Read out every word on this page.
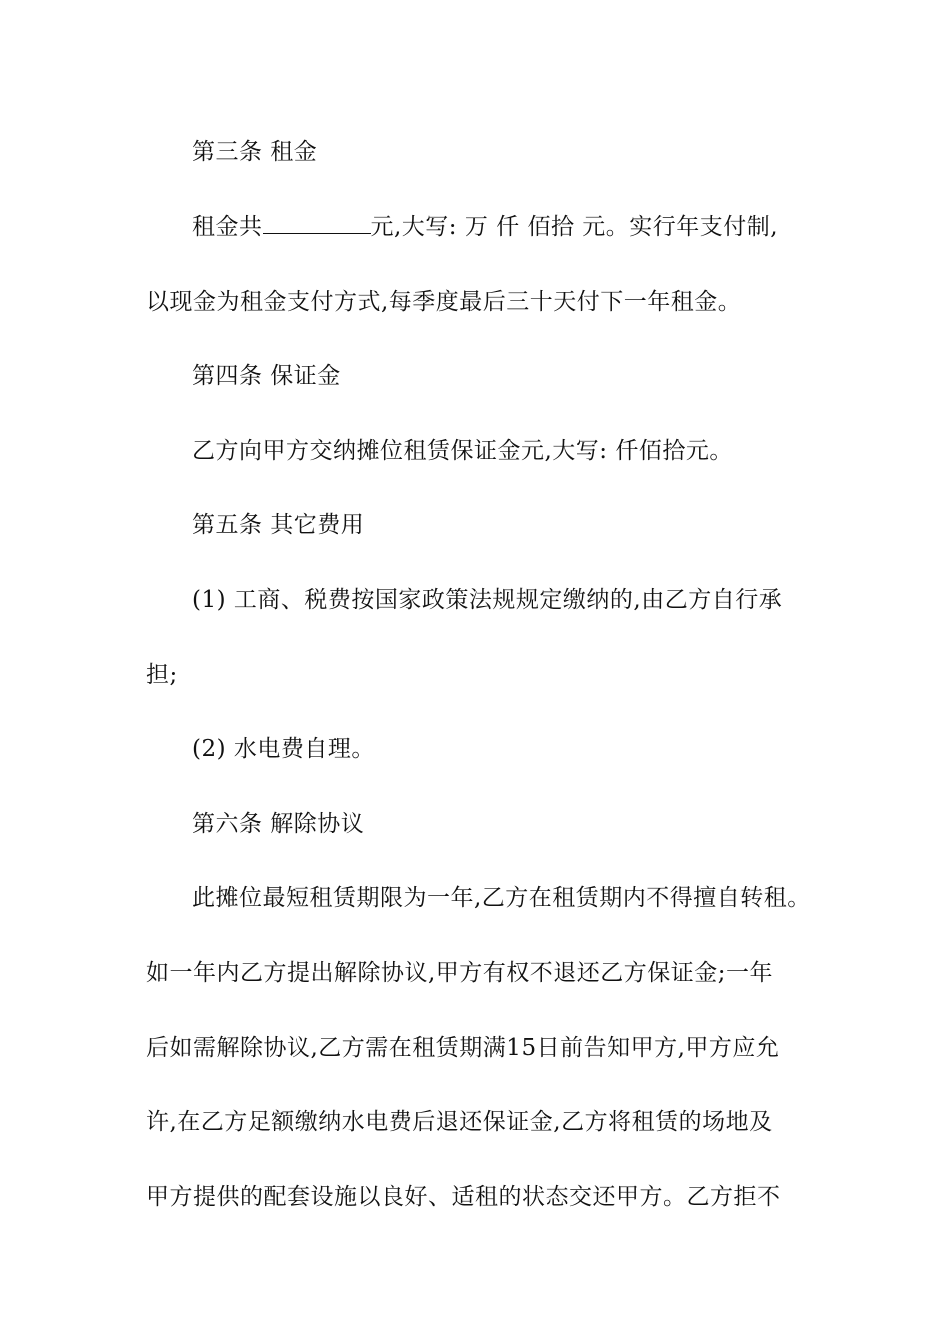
第三条 租金
租金共	元,大写: 万 仟 佰拾 元。实行年支付制,
以现金为租金支付方式,每季度最后三十天付下一年租金。
第四条 保证金
乙方向甲方交纳摊位租赁保证金元,大写: 仟佰拾元。
第五条 其它费用
(1) 工商、税费按国家政策法规规定缴纳的,由乙方自行承
担;
(2) 水电费自理。
第六条 解除协议
此摊位最短租赁期限为一年,乙方在租赁期内不得擅自转租。
如一年内乙方提出解除协议,甲方有权不退还乙方保证金;一年
后如需解除协议,乙方需在租赁期满15日前告知甲方,甲方应允
许,在乙方足额缴纳水电费后退还保证金,乙方将租赁的场地及
甲方提供的配套设施以良好、适租的状态交还甲方。乙方拒不
